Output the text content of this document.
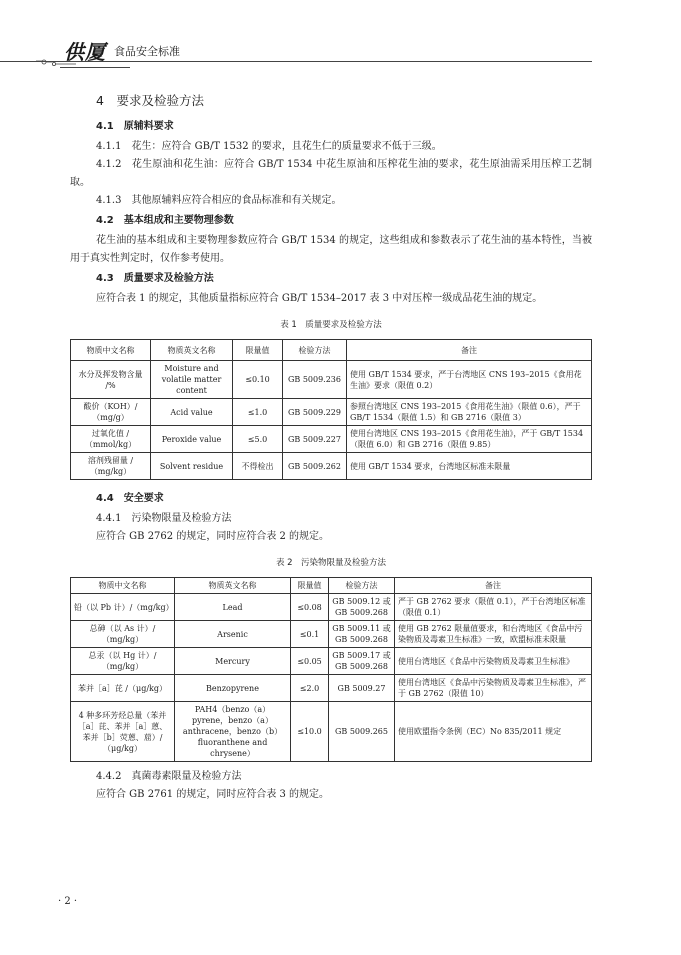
供厦 食品安全标准
4　要求及检验方法
4.1　原辅料要求

4.1.1　花生：应符合 GB/T 1532 的要求，且花生仁的质量要求不低于三级。

4.1.2　花生原油和花生油：应符合 GB/T 1534 中花生原油和压榨花生油的要求，花生原油需采用压榨工艺制取。

4.1.3　其他原辅料应符合相应的食品标准和有关规定。

4.2　基本组成和主要物理参数

花生油的基本组成和主要物理参数应符合 GB/T 1534 的规定，这些组成和参数表示了花生油的基本特性，当被用于真实性判定时，仅作参考使用。

4.3　质量要求及检验方法

应符合表 1 的规定，其他质量指标应符合 GB/T 1534–2017 表 3 中对压榨一级成品花生油的规定。

表 1　质量要求及检验方法
物质中文名称	物质英文名称	限量值	检验方法	备注
水分及挥发物含量 /%	Moisture and volatile matter content	≤0.10	GB 5009.236	使用 GB/T 1534 要求，严于台湾地区 CNS 193–2015《食用花生油》要求（限值 0.2）
酸价（KOH）/（mg/g）	Acid value	≤1.0	GB 5009.229	参照台湾地区 CNS 193–2015《食用花生油》（限值 0.6），严于 GB/T 1534（限值 1.5）和 GB 2716（限值 3）
过氧化值 /（mmol/kg）	Peroxide value	≤5.0	GB 5009.227	使用台湾地区 CNS 193–2015《食用花生油》，严于 GB/T 1534（限值 6.0）和 GB 2716（限值 9.85）
溶剂残留量 /（mg/kg）	Solvent residue	不得检出	GB 5009.262	使用 GB/T 1534 要求，台湾地区标准未限量
4.4　安全要求

4.4.1　污染物限量及检验方法

应符合 GB 2762 的规定，同时应符合表 2 的规定。

表 2　污染物限量及检验方法
物质中文名称	物质英文名称	限量值	检验方法	备注
铅（以 Pb 计）/（mg/kg）	Lead	≤0.08	GB 5009.12 或 GB 5009.268	严于 GB 2762 要求（限值 0.1），严于台湾地区标准（限值 0.1）
总砷（以 As 计）/（mg/kg）	Arsenic	≤0.1	GB 5009.11 或 GB 5009.268	使用 GB 2762 限量值要求，和台湾地区《食品中污染物质及毒素卫生标准》一致，欧盟标准未限量
总汞（以 Hg 计）/（mg/kg）	Mercury	≤0.05	GB 5009.17 或 GB 5009.268	使用台湾地区《食品中污染物质及毒素卫生标准》
苯并［a］芘 /（μg/kg）	Benzopyrene	≤2.0	GB 5009.27	使用台湾地区《食品中污染物质及毒素卫生标准》，严于 GB 2762（限值 10）
4 种多环芳烃总量（苯并［a］芘、苯并［a］蒽、苯并［b］荧蒽、䓛）/（μg/kg）	PAH4（benzo（a）pyrene，benzo（a）anthracene，benzo（b）fluoranthene and chrysene）	≤10.0	GB 5009.265	使用欧盟指令条例（EC）No 835/2011 规定

4.4.2　真菌毒素限量及检验方法

应符合 GB 2761 的规定，同时应符合表 3 的规定。

· 2 ·
